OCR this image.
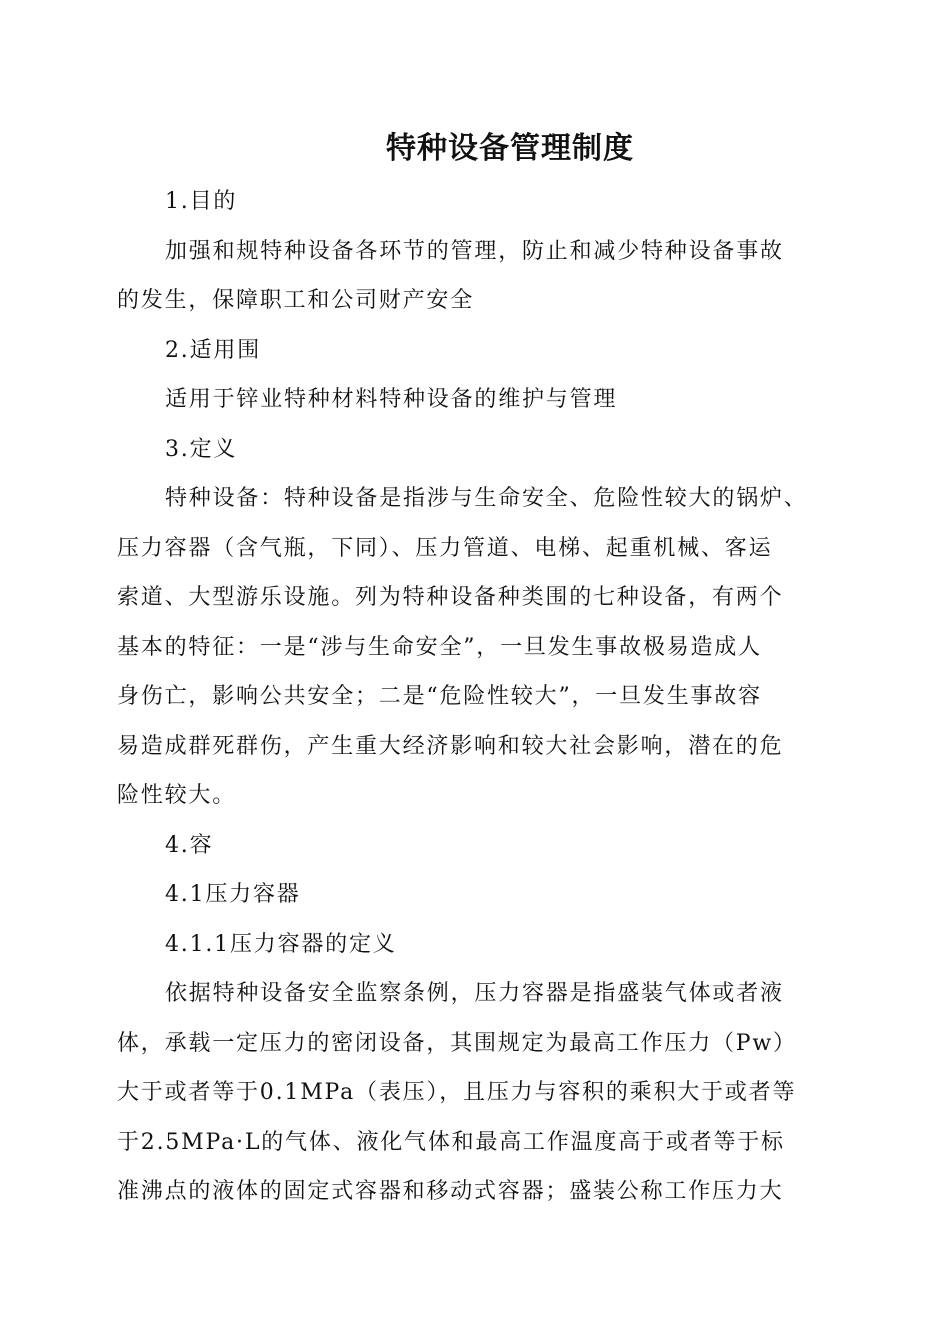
特种设备管理制度
1.目的
加强和规特种设备各环节的管理，防止和减少特种设备事故
的发生，保障职工和公司财产安全
2.适用围
适用于锌业特种材料特种设备的维护与管理
3.定义
特种设备：特种设备是指涉与生命安全、危险性较大的锅炉、
压力容器（含气瓶，下同）、压力管道、电梯、起重机械、客运
索道、大型游乐设施。列为特种设备种类围的七种设备，有两个
基本的特征：一是“涉与生命安全”，一旦发生事故极易造成人
身伤亡，影响公共安全；二是“危险性较大”，一旦发生事故容
易造成群死群伤，产生重大经济影响和较大社会影响，潜在的危
险性较大。
4.容
4.1压力容器
4.1.1压力容器的定义
依据特种设备安全监察条例，压力容器是指盛装气体或者液
体，承载一定压力的密闭设备，其围规定为最高工作压力（Pw）
大于或者等于0.1MPa（表压），且压力与容积的乘积大于或者等
于2.5MPa·L的气体、液化气体和最高工作温度高于或者等于标
准沸点的液体的固定式容器和移动式容器；盛装公称工作压力大
